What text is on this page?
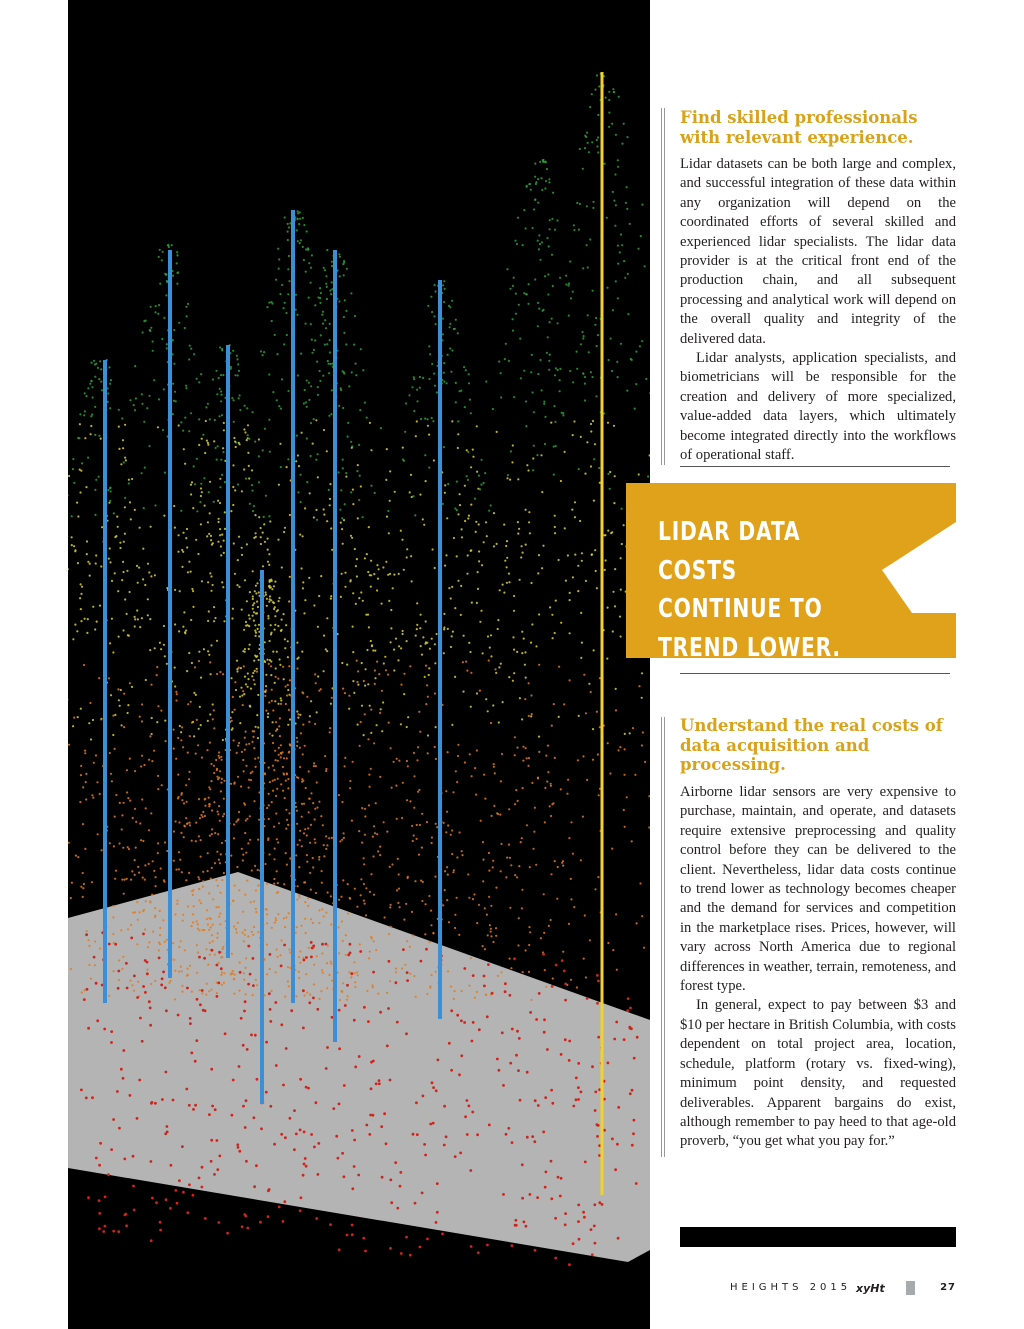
Find skilled professionals with relevant experience.

Lidar datasets can be both large and complex, and successful integration of these data within any organization will depend on the coordinated efforts of several skilled and experienced lidar specialists. The lidar data provider is at the critical front end of the production chain, and all subsequent processing and analytical work will depend on the overall quality and integrity of the delivered data.

Lidar analysts, application specialists, and biometricians will be responsible for the creation and delivery of more specialized, value-added data layers, which ultimately become integrated directly into the workflows of operational staff.

LIDAR DATA COSTS CONTINUE TO TREND LOWER.
Understand the real costs of data acquisition and processing.

Airborne lidar sensors are very expensive to purchase, maintain, and operate, and datasets require extensive preprocessing and quality control before they can be delivered to the client. Nevertheless, lidar data costs continue to trend lower as technology becomes cheaper and the demand for services and competition in the marketplace rises. Prices, however, will vary across North America due to regional differences in weather, terrain, remoteness, and forest type.

In general, expect to pay between $3 and $10 per hectare in British Columbia, with costs dependent on total project area, location, schedule, platform (rotary vs. fixed-wing), minimum point density, and requested deliverables. Apparent bargains do exist, although remember to pay heed to that age-old proverb, “you get what you pay for.”

HEIGHTS 2015 xyHt	27
